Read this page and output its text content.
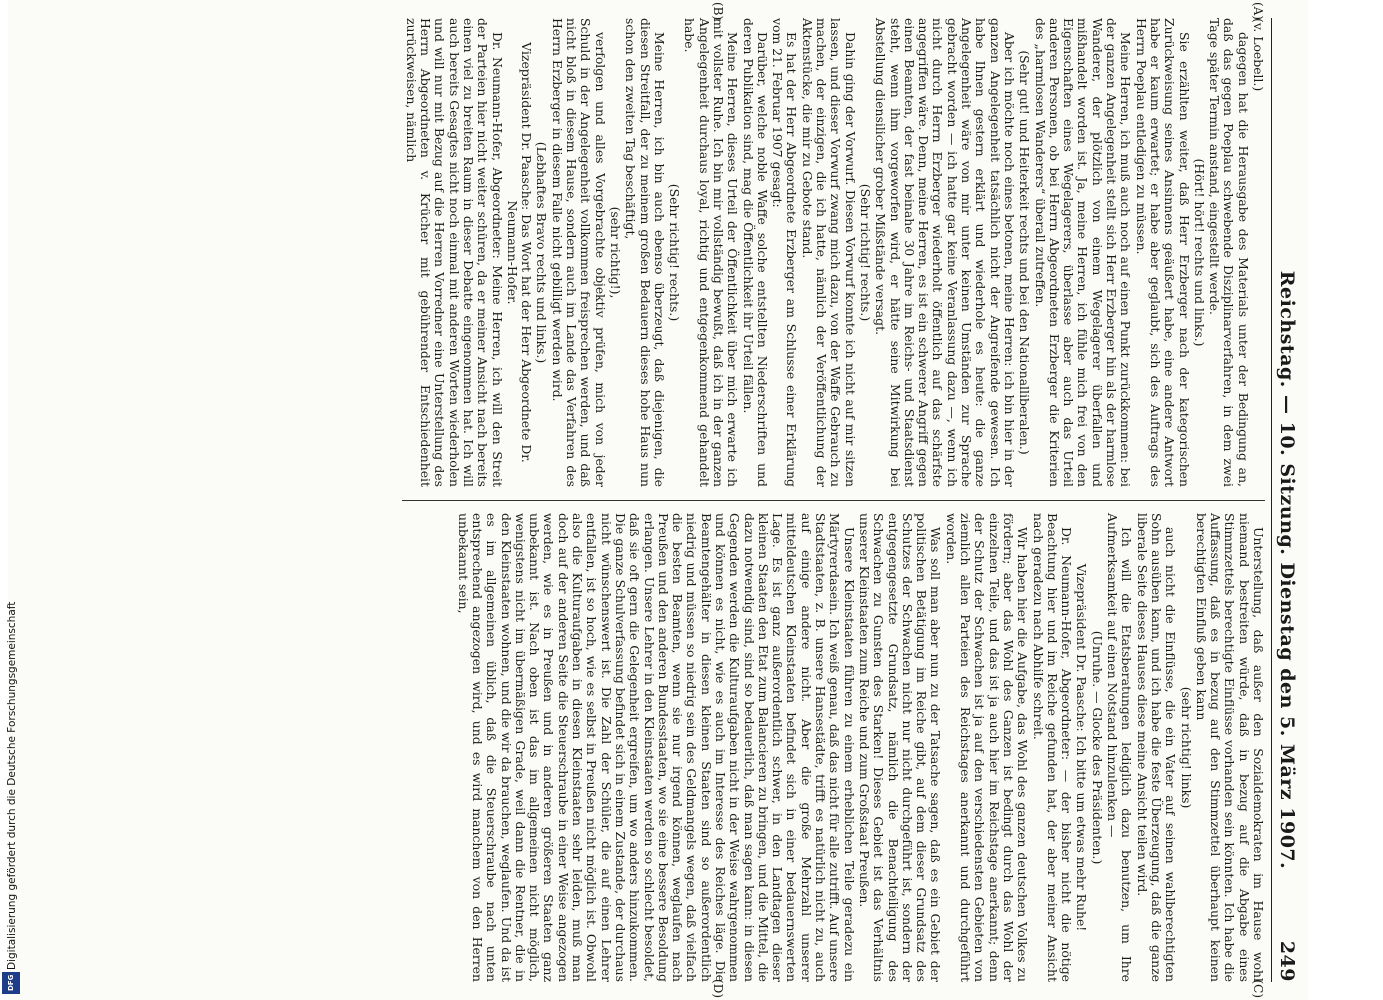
Reichstag. — 10. Sitzung. Dienstag den 5. März 1907.
249
(A)
(B)
(C)
(D)

(v. Loebell.)

dagegen hat die Herausgabe des Materials unter der Bedingung an, daß das gegen Poeplau schwebende Disziplinarverfahren, in dem zwei Tage später Termin anstand, eingestellt werde.

(Hört! hört! rechts und links.)

Sie erzählten weiter, daß Herr Erzberger nach der kategorischen Zurückweisung seines Ansinnens geäußert habe, eine andere Antwort habe er kaum erwartet; er habe aber geglaubt, sich des Auftrags des Herrn Poeplau entledigen zu müssen.

Meine Herren, ich muß auch noch auf einen Punkt zurückkommen: bei der ganzen Angelegenheit stellt sich Herr Erzberger hin als der harmlose Wanderer, der plötzlich von einem Wegelagerer überfallen und mißhandelt worden ist. Ja, meine Herren, ich fühle mich frei von den Eigenschaften eines Wegelagerers, überlasse aber auch das Urteil anderen Personen, ob bei Herrn Abgeordneten Erzberger die Kriterien des „harmlosen Wanderers“ überall zutreffen.

(Sehr gut! und Heiterkeit rechts und bei den Nationalliberalen.)

Aber ich möchte noch eines betonen, meine Herren: ich bin hier in der ganzen Angelegenheit tatsächlich nicht der Angreifende gewesen. Ich habe Ihnen gestern erklärt und wiederhole es heute: die ganze Angelegenheit wäre von mir unter keinen Umständen zur Sprache gebracht worden — ich hatte gar keine Veranlassung dazu —, wenn ich nicht durch Herrn Erzberger wiederholt öffentlich auf das schärfste angegriffen wäre. Denn, meine Herren, es ist ein schwerer Angriff gegen einen Beamten, der fast beinahe 30 Jahre im Reichs- und Staatsdienst steht, wenn ihm vorgeworfen wird, er hätte seine Mitwirkung bei Abstellung diensilicher grober Mißstände versagt.

(Sehr richtig! rechts.)

Dahin ging der Vorwurf. Diesen Vorwurf konnte ich nicht auf mir sitzen lassen, und dieser Vorwurf zwang mich dazu, von der Waffe Gebrauch zu machen, der einzigen, die ich hatte, nämlich der Veröffentlichung der Aktenstücke, die mir zu Gebote stand.

Es hat der Herr Abgeordnete Erzberger am Schlusse einer Erklärung vom 21. Februar 1907 gesagt:

Darüber, welche noble Waffe solche entstellten Niederschriften und deren Publikation sind, mag die Öffentlichkeit ihr Urteil fällen.

Meine Herren, dieses Urteil der Öffentlichkeit über mich erwarte ich mit vollster Ruhe. Ich bin mir vollständig bewußt, daß ich in der ganzen Angelegenheit durchaus loyal, richtig und entgegenkommend gehandelt habe.

(Sehr richtig! rechts.)

Meine Herren, ich bin auch ebenso überzeugt, daß diejenigen, die diesen Streitfall, der zu meinem großen Bedauern dieses hohe Haus nun schon den zweiten Tag beschäftigt,

(sehr richtig!),

verfolgen und alles Vorgebrachte objektiv prüfen, mich von jeder Schuld in der Angelegenheit vollkommen freisprechen werden, und daß nicht bloß in diesem Hause, sondern auch im Lande das Verfahren des Herrn Erzberger in diesem Falle nicht gebilligt werden wird.

(Lebhaftes Bravo rechts und links.)

Vizepräsident Dr. Paasche: Das Wort hat der Herr Abgeordnete Dr. Neumann-Hofer.

Dr. Neumann-Hofer, Abgeordneter: Meine Herren, ich will den Streit der Parteien hier nicht weiter schüren, da er meiner Ansicht nach bereits einen viel zu breiten Raum in dieser Debatte eingenommen hat. Ich will auch bereits Gesagtes nicht noch einmal mit anderen Worten wiederholen und will nur mit Bezug auf die Herren Vorredner eine Unterstellung des Herrn Abgeordneten v. Krücher mit gebührender Entschiedenheit zurückweisen, nämlich

Unterstellung, daß außer den Sozialdemokraten im Hause wohl niemand bestreiten würde, daß in bezug auf die Abgabe eines Stimmzettels berechtigte Einflüsse vorhanden sein könnten. Ich habe die Auffassung, daß es in bezug auf den Stimmzettel überhaupt keinen berechtigten Einfluß geben kann

(sehr richtig! links)

auch nicht die Einflüsse, die ein Vater auf seinen wahlberechtigten Sohn ausüben kann, und ich habe die feste Überzeugung, daß die ganze liberale Seite dieses Hauses diese meine Ansicht teilen wird.

Ich will die Etatsberatungen lediglich dazu benutzen, um Ihre Aufmerksamkeit auf einen Notstand hinzulenken —

(Unruhe. — Glocke des Präsidenten.)

Vizepräsident Dr. Paasche: Ich bitte um etwas mehr Ruhe!

Dr. Neumann-Hofer, Abgeordneter: — der bisher nicht die nötige Beachtung hier und im Reiche gefunden hat, der aber meiner Ansicht nach geradezu nach Abhilfe schreit.

Wir haben hier die Aufgabe, das Wohl des ganzen deutschen Volkes zu fördern; aber das Wohl des Ganzen ist bedingt durch das Wohl der einzelnen Teile, und das ist ja auch hier im Reichstage anerkannt; denn der Schutz der Schwachen ist ja auf den verschiedensten Gebieten von ziemlich allen Parteien des Reichstages anerkannt und durchgeführt worden.

Was soll man aber nun zu der Tatsache sagen, daß es ein Gebiet der politischen Betätigung im Reiche gibt, auf dem dieser Grundsatz des Schutzes der Schwachen nicht nur nicht durchgeführt ist, sondern der entgegengesetzte Grundsatz, nämlich die Benachteiligung des Schwachen zu Gunsten des Starken! Dieses Gebiet ist das Verhältnis unserer Kleinstaaten zum Reiche und zum Großstaat Preußen.

Unsere Kleinstaaten führen zu einem erheblichen Teile geradezu ein Märtyrerdasein. Ich weiß genau, daß das nicht für alle zutrifft. Auf unsere Stadtstaaten, z. B. unsere Hansestädte, trifft es natürlich nicht zu, auch auf einige andere nicht. Aber die große Mehrzahl unserer mitteldeutschen Kleinstaaten befindet sich in einer bedauernswerten Lage. Es ist ganz außerordentlich schwer, in den Landtagen dieser kleinen Staaten den Etat zum Balancieren zu bringen, und die Mittel, die dazu notwendig sind, sind so bedauerlich, daß man sagen kann: in diesen Gegenden werden die Kulturaufgaben nicht in der Weise wahrgenommen und können es nicht, wie es auch im Interesse des Reiches läge. Die Beamtengehälter in diesen kleinen Staaten sind so außerordentlich niedrig und müssen so niedrig sein des Geldmangels wegen, daß vielfach die besten Beamten, wenn sie nur irgend können, weglaufen nach Preußen und den anderen Bundesstaaten, wo sie eine bessere Besoldung erlangen. Unsere Lehrer in den Kleinstaaten werden so schlecht besoldet, daß sie oft gern die Gelegenheit ergreifen, um wo anders hinzukommen. Die ganze Schulverfassung befindet sich in einem Zustande, der durchaus nicht wünschenswert ist. Die Zahl der Schüler, die auf einen Lehrer entfallen, ist so hoch, wie es selbst in Preußen nicht möglich ist. Obwohl also die Kulturaufgaben in diesen Kleinstaaten sehr leiden, muß man doch auf der anderen Seite die Steuerschraube in einer Weise angezogen werden, wie es in Preußen und in anderen größeren Staaten ganz unbekannt ist. Nach oben ist das im allgemeinen nicht möglich, wenigstens nicht im übermäßigen Grade, weil dann die Rentner, die in den Kleinstaaten wohnen, und die wir da brauchen, weglaufen. Und da ist es im allgemeinen üblich, daß die Steuerschraube nach unten entsprechend angezogen wird, und es wird manchem von den Herren unbekannt sein,

Digitalisierung gefördert durch die Deutsche Forschungsgemeinschaft
DFG
